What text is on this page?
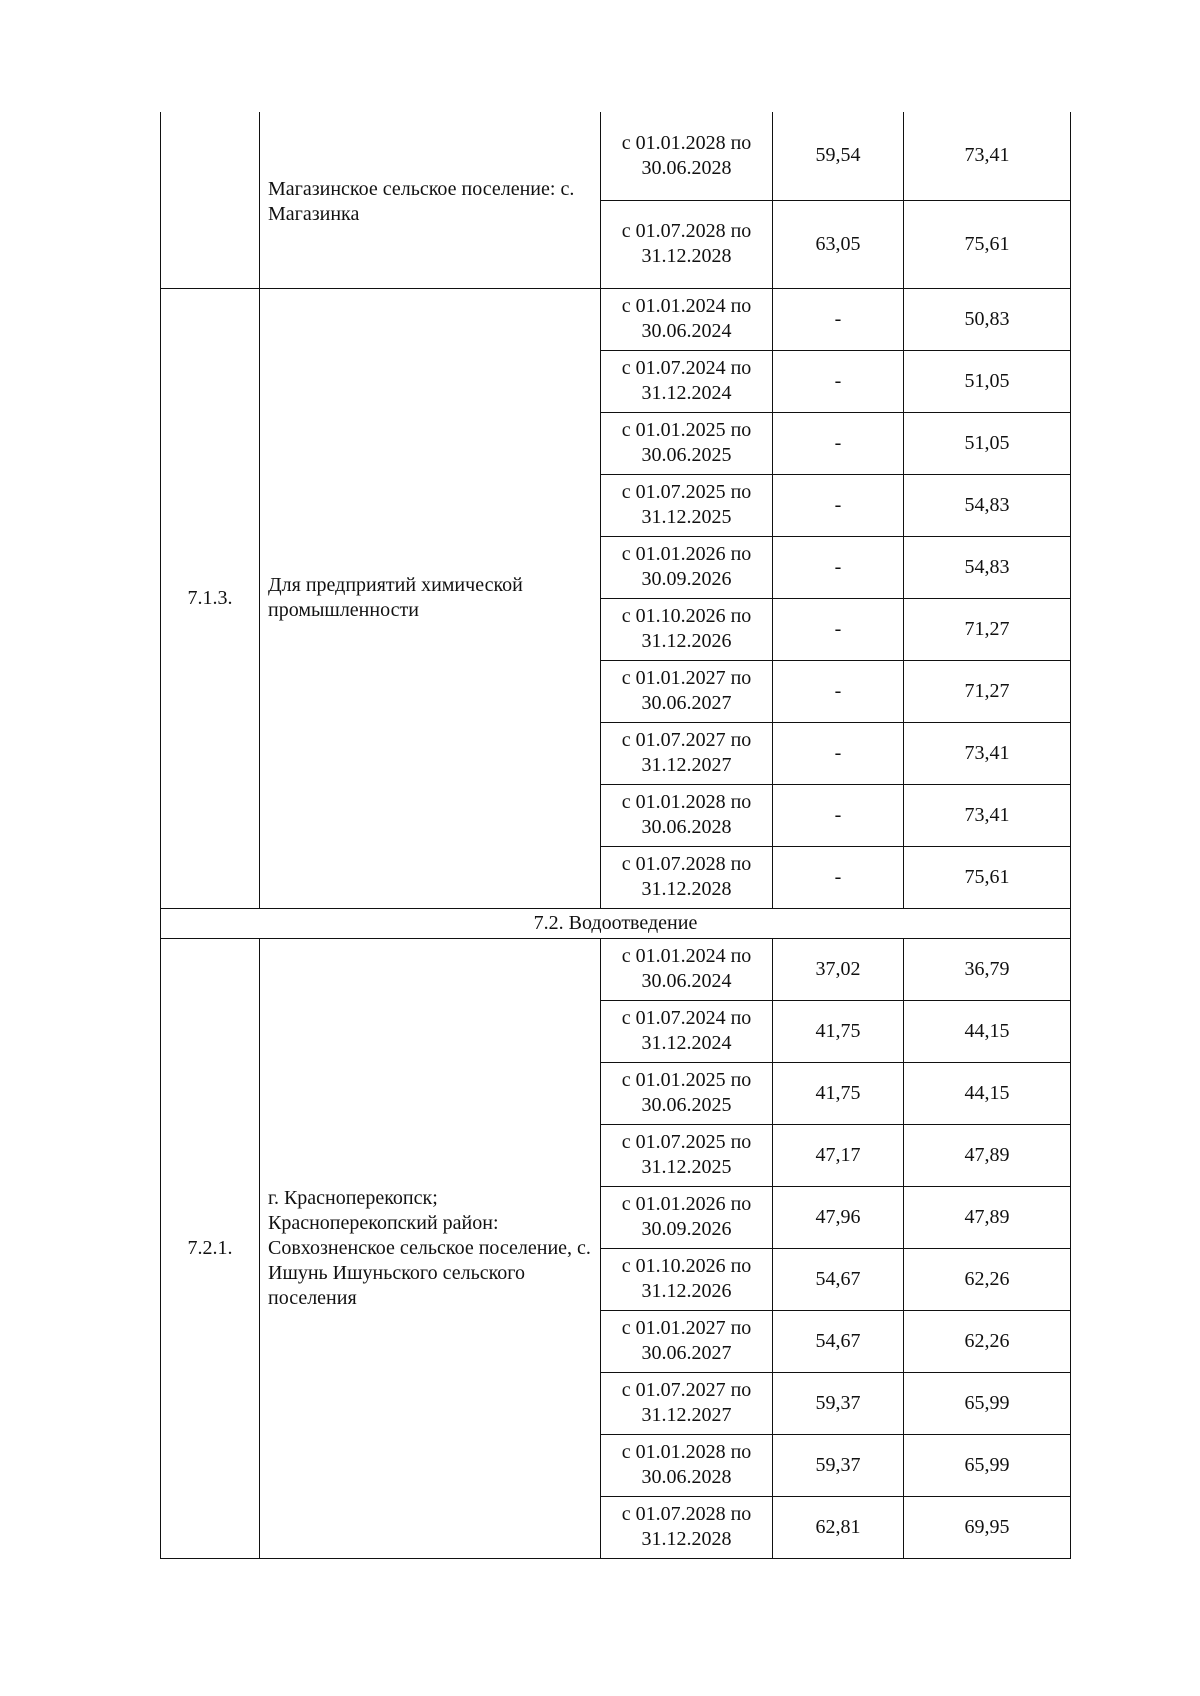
	Магазинское сельское поселение: с. Магазинка	с 01.01.2028 по 30.06.2028	59,54	73,41
		с 01.07.2028 по 31.12.2028	63,05	75,61
7.1.3.	Для предприятий химической промышленности	с 01.01.2024 по 30.06.2024	-	50,83
		с 01.07.2024 по 31.12.2024	-	51,05
		с 01.01.2025 по 30.06.2025	-	51,05
		с 01.07.2025 по 31.12.2025	-	54,83
		с 01.01.2026 по 30.09.2026	-	54,83
		с 01.10.2026 по 31.12.2026	-	71,27
		с 01.01.2027 по 30.06.2027	-	71,27
		с 01.07.2027 по 31.12.2027	-	73,41
		с 01.01.2028 по 30.06.2028	-	73,41
		с 01.07.2028 по 31.12.2028	-	75,61
7.2. Водоотведение				
7.2.1.	г. Красноперекопск; Красноперекопский район: Совхозненское сельское поселение, с. Ишунь Ишуньского сельского поселения	с 01.01.2024 по 30.06.2024	37,02	36,79
		с 01.07.2024 по 31.12.2024	41,75	44,15
		с 01.01.2025 по 30.06.2025	41,75	44,15
		с 01.07.2025 по 31.12.2025	47,17	47,89
		с 01.01.2026 по 30.09.2026	47,96	47,89
		с 01.10.2026 по 31.12.2026	54,67	62,26
		с 01.01.2027 по 30.06.2027	54,67	62,26
		с 01.07.2027 по 31.12.2027	59,37	65,99
		с 01.01.2028 по 30.06.2028	59,37	65,99
		с 01.07.2028 по 31.12.2028	62,81	69,95
